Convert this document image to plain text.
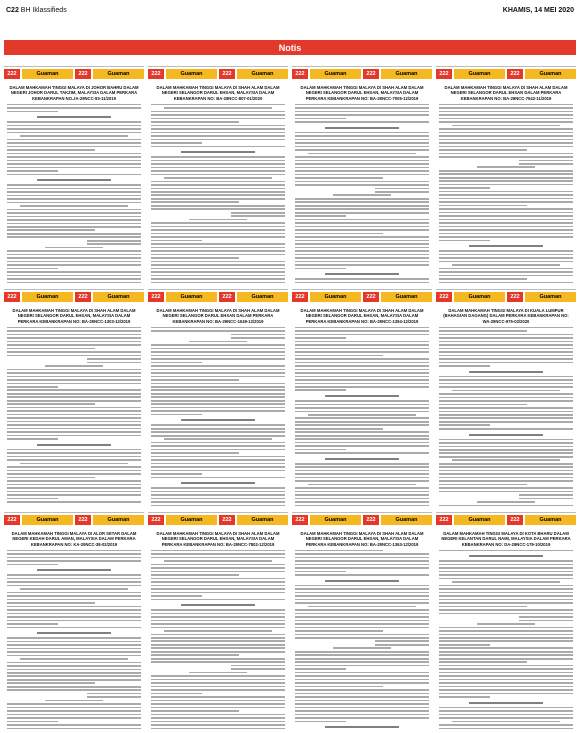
C22 BH Iklassifieds	KHAMIS, 14 MEI 2020
Notis
222	Guaman	222	Guaman
DALAM MAHKAMAH TINGGI MALAYA DI JOHOR BAHRU DALAM NEGERI JOHOR DARUL TAKZIM, MALAYSIA DALAM PERKARA KEBANKRAPAN NO.JA-29NCC-93-11/2019
222	Guaman	222	Guaman
DALAM MAHKAMAH TINGGI MALAYA DI SHAH ALAM DALAM NEGERI SELANGOR DARUL EHSAN, MALAYSIA DALAM KEBANKRAPAN NO: BA-29NCC-807-01/2020
222	Guaman	222	Guaman
DALAM MAHKAMAH TINGGI MALAYA DI SHAH ALAM DALAM NEGERI SELANGOR DARUL EHSAN, MALAYSIA DALAM PERKARA KEBANKRAPAN NO: BA-29NCC-7005-12/2019
222	Guaman	222	Guaman
DALAM MAHKAMAH TINGGI MALAYA DI SHAH ALAM DALAM NEGERI SELANGOR DARUL EHSAN DALAM PERKARA KEBANKRAPAN NO: BA-29NCC-7542-11/2019
222	Guaman	222	Guaman
DALAM MAHKAMAH TINGGI MALAYA DI SHAH ALAM DALAM NEGERI SELANGOR DARUL EHSAN, MALAYSIA DALAM PERKARA KEBANKRAPAN NO: BA-29NCC-1303-12/2019
222	Guaman	222	Guaman
DALAM MAHKAMAH TINGGI MALAYA DI SHAH ALAM DALAM NEGERI SELANGOR DARUL EHSAN DALAM PERKARA KEBANKRAPAN NO: BA-29NCC-1049-12/2019
222	Guaman	222	Guaman
DALAM MAHKAMAH TINGGI MALAYA DI SHAH ALAM DALAM NEGERI SELANGOR DARUL EHSAN, MALAYSIA DALAM PERKARA KEBANKRAPAN NO: BA-29NCC-1394-12/2019
222	Guaman	222	Guaman
DALAM MAHKAMAH TINGGI MALAYA DI KUALA LUMPUR (BAHAGIAN DAGANG) DALAM PERKARA KEBANKRAPAN NO: WA-29NCC-975-02/2020
222	Guaman	222	Guaman
DALAM MAHKAMAH TINGGI MALAYA DI ALOR SETAR DALAM NEGERI KEDAH DARUL AMAN, MALAYSIA DALAM PERKARA KEBANKRAPAN NO: KA-29NCC-38-02/2019
222	Guaman	222	Guaman
DALAM MAHKAMAH TINGGI MALAYA DI SHAH ALAM DALAM NEGERI SELANGOR DARUL EHSAN, MALAYSIA DALAM PERKARA KEBANKRAPAN NO: BA-29NCC-7802-12/2019
222	Guaman	222	Guaman
DALAM MAHKAMAH TINGGI MALAYA DI SHAH ALAM DALAM NEGERI SELANGOR DARUL EHSAN, MALAYSIA DALAM PERKARA KEBANKRAPAN NO: BA-29NCC-1363-12/2019
222	Guaman	222	Guaman
DALAM MAHKAMAH TINGGI MALAYA DI KOTA BHARU DALAM NEGERI KELANTAN DARUL NAIM, MALAYSIA DALAM PERKARA KEBANKRAPAN NO: DA-29NCC-179-10/2019
